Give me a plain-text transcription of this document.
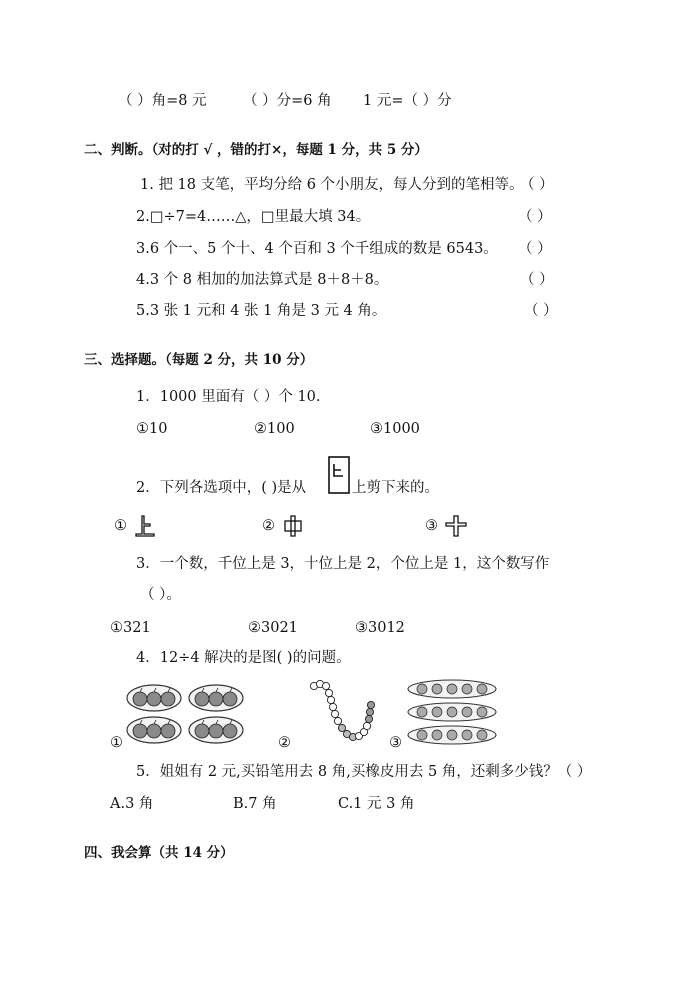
（ ）角=8 元	（ ）分=6 角 1 元=（ ）分
二、判断。（对的打 √ ，错的打×，每题 1 分，共 5 分）
1. 把 18 支笔，平均分给 6 个小朋友，每人分到的笔相等。
（ ）
2.□÷7=4……△，□里最大填 34。	（ ）
3.6 个一、5 个十、4 个百和 3 个千组成的数是 6543。 （ ）
4.3 个 8 相加的加法算式是 8＋8＋8。	（ ）
5.3 张 1 元和 4 张 1 角是 3 元 4 角。	（ ）
三、选择题。（每题 2 分，共 10 分）
1．1000 里面有（ ）个 10.
①10	②100	③1000
2．下列各选项中，( )是从	上剪下来的。
①	②	③
3．一个数，千位上是 3，十位上是 2，个位上是 1，这个数写作
（ ）。
①321	②3021	③3012
4．12÷4 解决的是图( )的问题。
①	②	③
5．姐姐有 2 元,买铅笔用去 8 角,买橡皮用去 5 角，还剩多少钱？（ ）
A.3 角	B.7 角	C.1 元 3 角
四、我会算（共 14 分）
